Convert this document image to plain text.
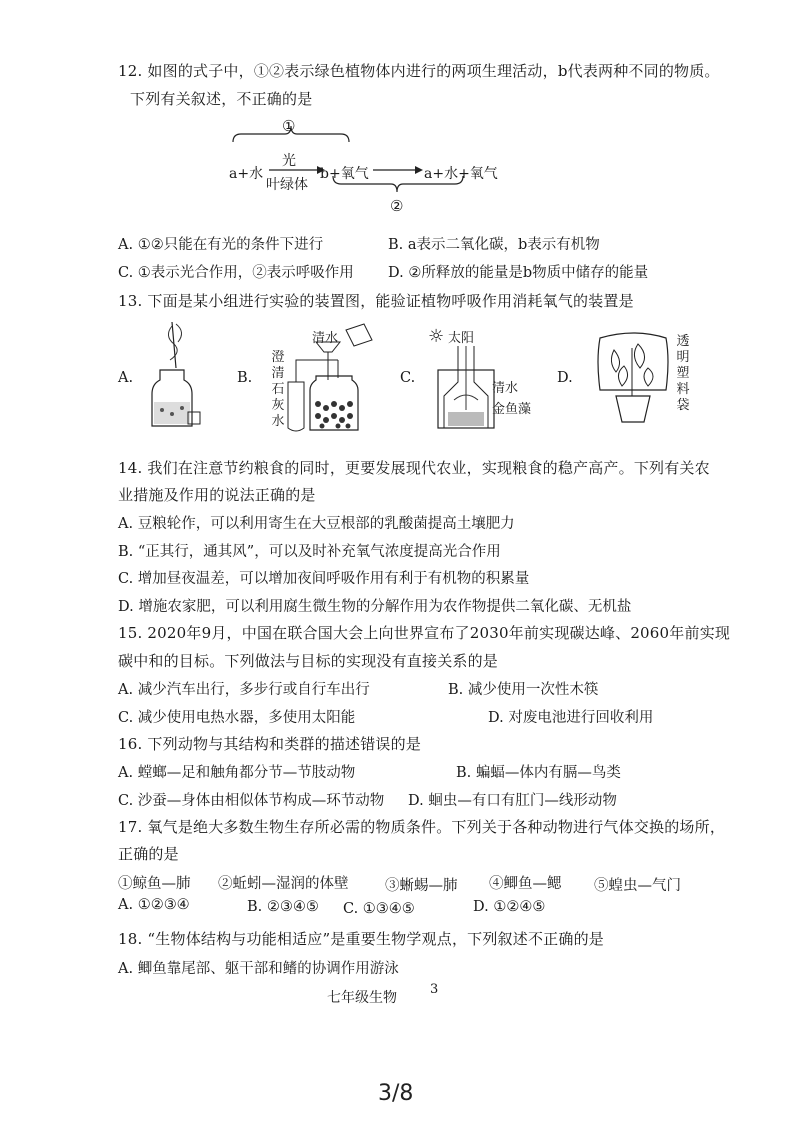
12. 如图的式子中，①②表示绿色植物体内进行的两项生理活动，b代表两种不同的物质。
下列有关叙述，不正确的是
①
a+水
光
叶绿体
b+氧气	a+水+氧气
②
A. ①②只能在有光的条件下进行	B. a表示二氧化碳，b表示有机物
C. ①表示光合作用，②表示呼吸作用 D. ②所释放的能量是b物质中储存的能量
13. 下面是某小组进行实验的装置图，能验证植物呼吸作用消耗氧气的装置是
A.	B.
清水
澄
清
石
灰
水
C.
☼ 太阳
清水
金鱼藻
D.
透
明
塑
料
袋
14. 我们在注意节约粮食的同时，更要发展现代农业，实现粮食的稳产高产。下列有关农
业措施及作用的说法正确的是
A. 豆粮轮作，可以利用寄生在大豆根部的乳酸菌提高土壤肥力
B. “正其行，通其风”，可以及时补充氧气浓度提高光合作用
C. 增加昼夜温差，可以增加夜间呼吸作用有利于有机物的积累量
D. 增施农家肥，可以利用腐生微生物的分解作用为农作物提供二氧化碳、无机盐
15. 2020年9月，中国在联合国大会上向世界宣布了2030年前实现碳达峰、2060年前实现
碳中和的目标。下列做法与目标的实现没有直接关系的是
A. 减少汽车出行，多步行或自行车出行	B. 减少使用一次性木筷
C. 减少使用电热水器，多使用太阳能	D. 对废电池进行回收利用
16. 下列动物与其结构和类群的描述错误的是
A. 螳螂—足和触角都分节—节肢动物	B. 蝙蝠—体内有膈—鸟类
C. 沙蚕—身体由相似体节构成—环节动物 D. 蛔虫—有口有肛门—线形动物
17. 氧气是绝大多数生物生存所必需的物质条件。下列关于各种动物进行气体交换的场所，
正确的是
①鲸鱼—肺 ②蚯蚓—湿润的体壁	③蜥蜴—肺 ④鲫鱼—鳃 ⑤蝗虫—气门
A. ①②③④	B. ②③④⑤ C. ①③④⑤	D. ①②④⑤
18. “生物体结构与功能相适应”是重要生物学观点，下列叙述不正确的是
A. 鲫鱼靠尾部、躯干部和鳍的协调作用游泳
七年级生物
3
3/8
